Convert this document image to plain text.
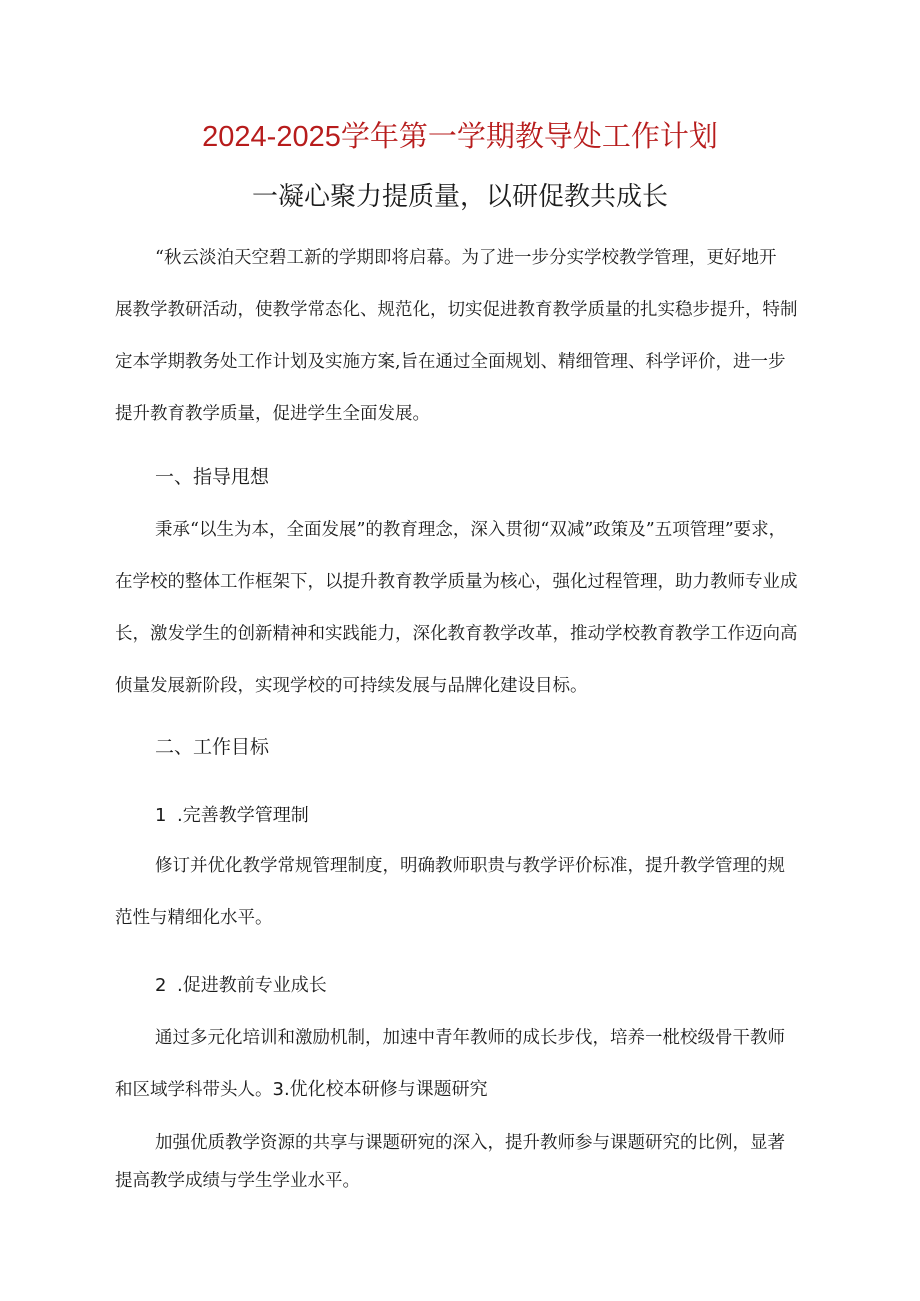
2024-2025学年第一学期教导处工作计划
一凝心聚力提质量，以研促教共成长
“秋云淡泊天空碧工新的学期即将启幕。为了进一步分实学校教学管理，更好地开
展教学教研活动，使教学常态化、规范化，切实促进教育教学质量的扎实稳步提升，特制
定本学期教务处工作计划及实施方案,旨在通过全面规划、精细管理、科学评价，进一步
提升教育教学质量，促进学生全面发展。
一、指导甩想
秉承“以生为本，全面发展”的教育理念，深入贯彻“双减”政策及”五项管理”要求，
在学校的整体工作框架下，以提升教育教学质量为核心，强化过程管理，助力教师专业成
长，激发学生的创新精神和实践能力，深化教育教学改革，推动学校教育教学工作迈向高
侦量发展新阶段，实现学校的可持续发展与品牌化建设目标。
二、工作目标
1 .完善教学管理制
修订并优化教学常规管理制度，明确教师职贵与教学评价标准，提升教学管理的规
范性与精细化水平。
2 .促进教前专业成长
通过多元化培训和激励机制，加速中青年教师的成长步伐，培养一枇校级骨干教师
和区域学科带头人。3.优化校本研修与课题研究
加强优质教学资源的共享与课题研宛的深入，提升教师参与课题研究的比例，显著
提高教学成绩与学生学业水平。
